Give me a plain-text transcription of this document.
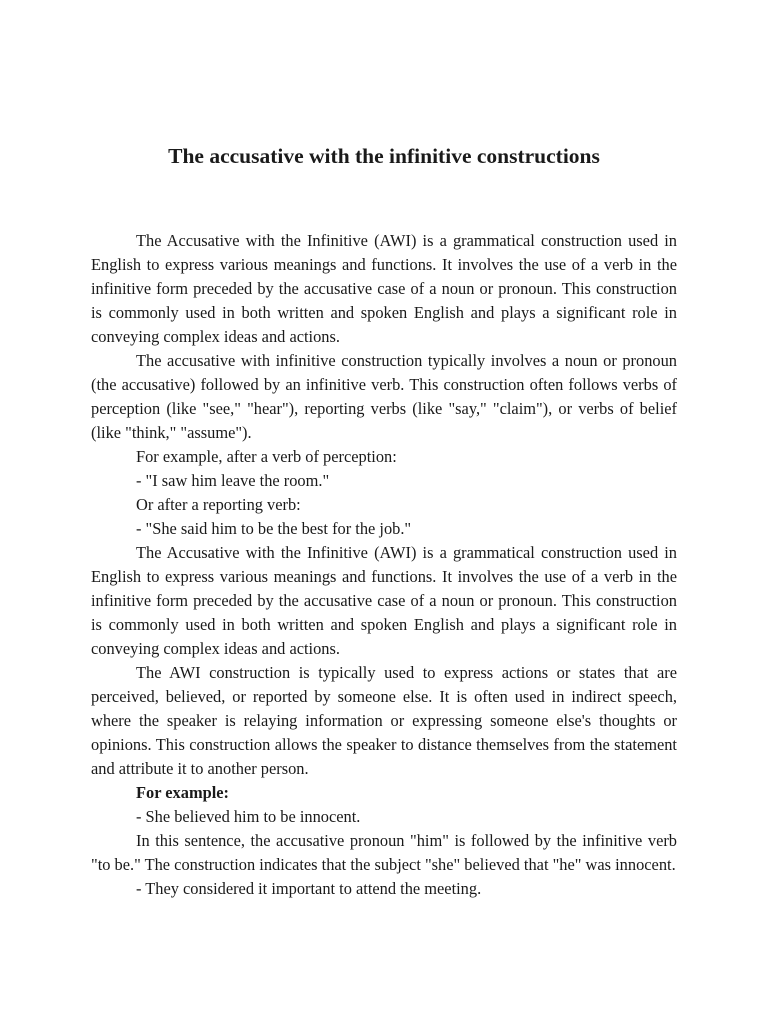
The accusative with the infinitive constructions

The Accusative with the Infinitive (AWI) is a grammatical construction used in English to express various meanings and functions. It involves the use of a verb in the infinitive form preceded by the accusative case of a noun or pronoun. This construction is commonly used in both written and spoken English and plays a significant role in conveying complex ideas and actions.

The accusative with infinitive construction typically involves a noun or pronoun (the accusative) followed by an infinitive verb. This construction often follows verbs of perception (like "see," "hear"), reporting verbs (like "say," "claim"), or verbs of belief (like "think," "assume").

For example, after a verb of perception:

- "I saw him leave the room."

Or after a reporting verb:

- "She said him to be the best for the job."

The Accusative with the Infinitive (AWI) is a grammatical construction used in English to express various meanings and functions. It involves the use of a verb in the infinitive form preceded by the accusative case of a noun or pronoun. This construction is commonly used in both written and spoken English and plays a significant role in conveying complex ideas and actions.

The AWI construction is typically used to express actions or states that are perceived, believed, or reported by someone else. It is often used in indirect speech, where the speaker is relaying information or expressing someone else's thoughts or opinions. This construction allows the speaker to distance themselves from the statement and attribute it to another person.

For example:

- She believed him to be innocent.

In this sentence, the accusative pronoun "him" is followed by the infinitive verb "to be." The construction indicates that the subject "she" believed that "he" was innocent.

- They considered it important to attend the meeting.
